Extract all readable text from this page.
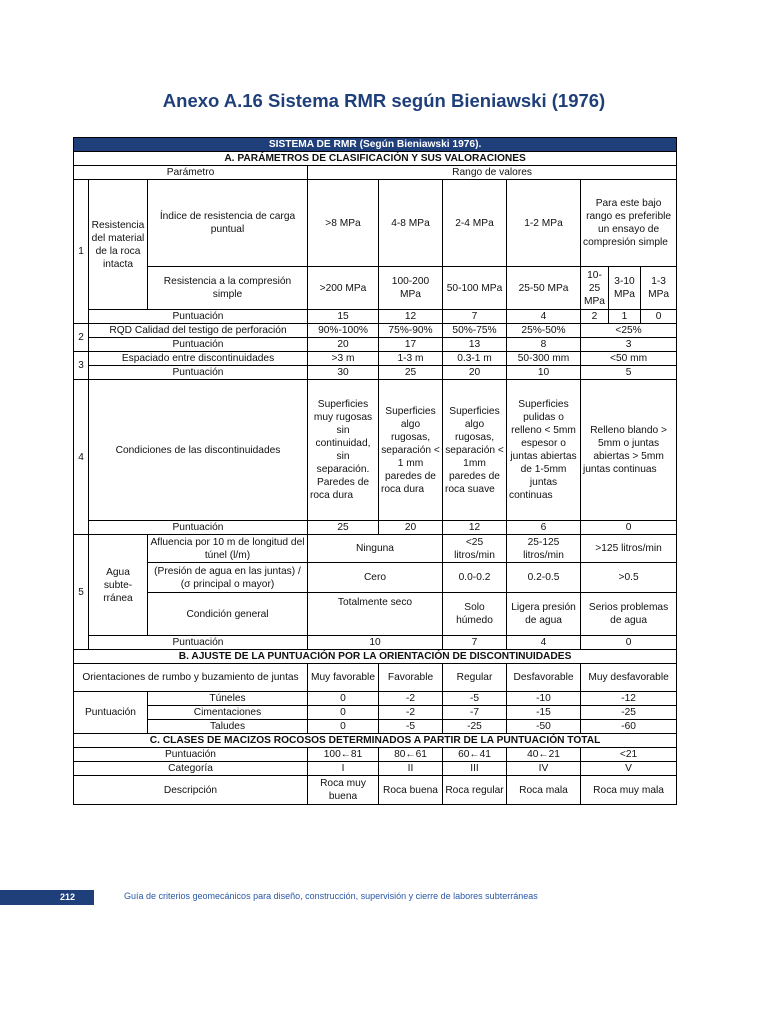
Anexo A.16 Sistema RMR según Bieniawski (1976)
SISTEMA DE RMR (Según Bieniawski 1976).									
A. PARÁMETROS DE CLASIFICACIÓN Y SUS VALORACIONES									
Parámetro			Rango de valores						
1	Resistencia del material de la roca intacta	Índice de resistencia de carga puntual	>8 MPa	4-8 MPa	2-4 MPa	1-2 MPa	Para este bajo rango es preferible un ensayo de compresión simple		
		Resistencia a la compresión simple	>200 MPa	100-200 MPa	50-100 MPa	25-50 MPa	10-25 MPa	3-10 MPa	1-3 MPa
	Puntuación		15	12	7	4	2	1	0
2	RQD Calidad del testigo de perforación		90%-100%	75%-90%	50%-75%	25%-50%	<25%		
	Puntuación		20	17	13	8	3		
3	Espaciado entre discontinuidades		>3 m	1-3 m	0.3-1 m	50-300 mm	<50 mm		
	Puntuación		30	25	20	10	5		
4	Condiciones de las discontinuidades		Superficies muy rugosas sin continuidad, sin separación. Paredes de roca dura	Superficies algo rugosas, separación < 1 mm paredes de roca dura	Superficies algo rugosas, separación < 1mm paredes de roca suave	Superficies pulidas o relleno < 5mm espesor o juntas abiertas de 1-5mm juntas continuas	Relleno blando > 5mm o juntas abiertas > 5mm juntas continuas		
	Puntuación		25	20	12	6	0		
5	Agua subte-rránea	Afluencia por 10 m de longitud del túnel (l/m)	Ninguna		<25 litros/min	25-125 litros/min	>125 litros/min		
		(Presión de agua en las juntas) / (σ principal o mayor)	Cero		0.0-0.2	0.2-0.5	>0.5		
		Condición general	Totalmente seco		Solo húmedo	Ligera presión de agua	Serios problemas de agua		
	Puntuación		10		7	4	0		
B. AJUSTE DE LA PUNTUACIÓN POR LA ORIENTACIÓN DE DISCONTINUIDADES									
Orientaciones de rumbo y buzamiento de juntas			Muy favorable	Favorable	Regular	Desfavorable	Muy desfavorable		
Puntuación		Túneles	0	-2	-5	-10	-12		
		Cimentaciones	0	-2	-7	-15	-25		
		Taludes	0	-5	-25	-50	-60		
C. CLASES DE MACIZOS ROCOSOS DETERMINADOS A PARTIR DE LA PUNTUACIÓN TOTAL									
Puntuación			100←81	80←61	60←41	40←21	<21		
Categoría			I	II	III	IV	V		
Descripción			Roca muy buena	Roca buena	Roca regular	Roca mala	Roca muy mala		
212	Guía de criterios geomecánicos para diseño, construcción, supervisión y cierre de labores subterráneas
